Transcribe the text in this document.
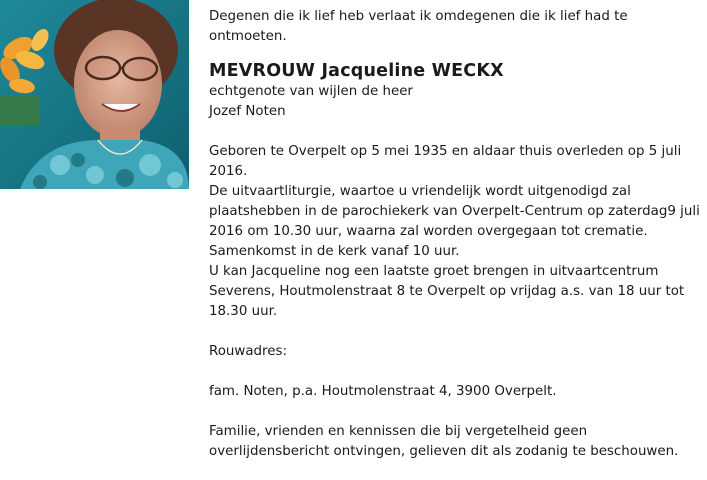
Degenen die ik lief heb verlaat ik omdegenen die ik lief had te ontmoeten.

MEVROUW Jacqueline WECKX

echtgenote van wijlen de heer

Jozef Noten

Geboren te Overpelt op 5 mei 1935 en aldaar thuis overleden op 5 juli 2016.

De uitvaartliturgie, waartoe u vriendelijk wordt uitgenodigd zal plaatshebben in de parochiekerk van Overpelt-Centrum op zaterdag9 juli 2016 om 10.30 uur, waarna zal worden overgegaan tot crematie.

Samenkomst in de kerk vanaf 10 uur.

U kan Jacqueline nog een laatste groet brengen in uitvaartcentrum Severens, Houtmolenstraat 8 te Overpelt op vrijdag a.s. van 18 uur tot 18.30 uur.

Rouwadres:

fam. Noten, p.a. Houtmolenstraat 4, 3900 Overpelt.

Familie, vrienden en kennissen die bij vergetelheid geen overlijdensbericht ontvingen, gelieven dit als zodanig te beschouwen.
